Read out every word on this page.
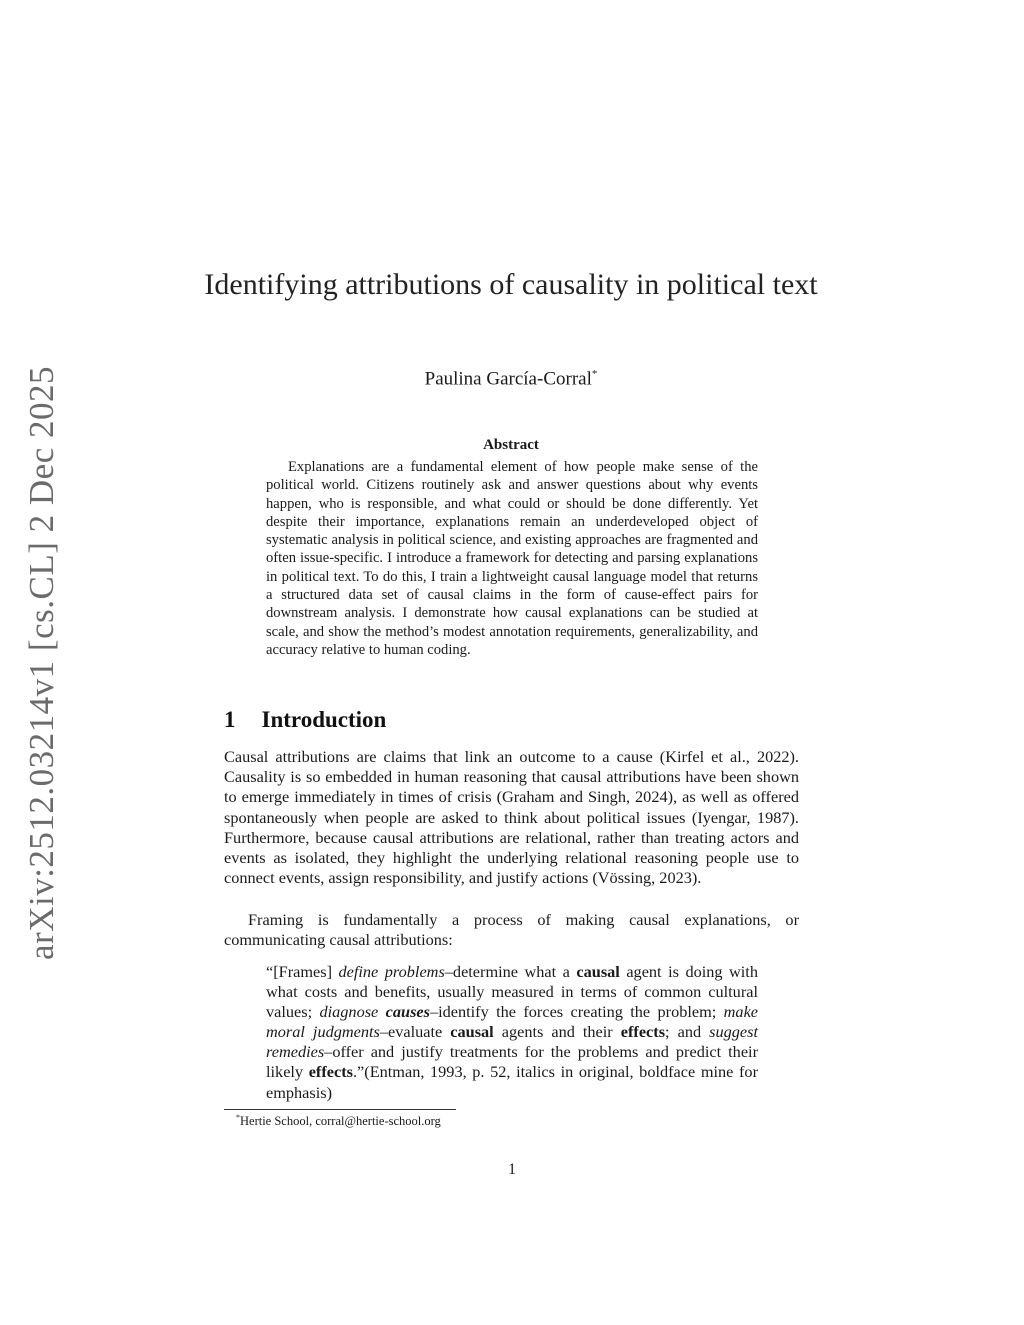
arXiv:2512.03214v1 [cs.CL] 2 Dec 2025
Identifying attributions of causality in political text
Paulina García-Corral*
Abstract
Explanations are a fundamental element of how people make sense of the political world. Citizens routinely ask and answer questions about why events happen, who is responsible, and what could or should be done differently. Yet despite their importance, explanations remain an underdeveloped object of systematic analysis in political science, and existing approaches are fragmented and often issue-specific. I introduce a framework for detecting and parsing explanations in political text. To do this, I train a lightweight causal language model that returns a structured data set of causal claims in the form of cause-effect pairs for downstream analysis. I demonstrate how causal explanations can be studied at scale, and show the method’s modest annotation requirements, generalizability, and accuracy relative to human coding.
1 Introduction
Causal attributions are claims that link an outcome to a cause (Kirfel et al., 2022). Causality is so embedded in human reasoning that causal attributions have been shown to emerge immediately in times of crisis (Graham and Singh, 2024), as well as offered spontaneously when people are asked to think about political issues (Iyengar, 1987). Furthermore, because causal attributions are relational, rather than treating actors and events as isolated, they highlight the underlying relational reasoning people use to connect events, assign responsibility, and justify actions (Vössing, 2023).
Framing is fundamentally a process of making causal explanations, or communicating causal attributions:
“[Frames] define problems–determine what a causal agent is doing with what costs and benefits, usually measured in terms of common cultural values; diagnose causes–identify the forces creating the problem; make moral judgments–evaluate causal agents and their effects; and suggest remedies–offer and justify treatments for the problems and predict their likely effects.”(Entman, 1993, p. 52, italics in original, boldface mine for emphasis)
*Hertie School, corral@hertie-school.org
1
